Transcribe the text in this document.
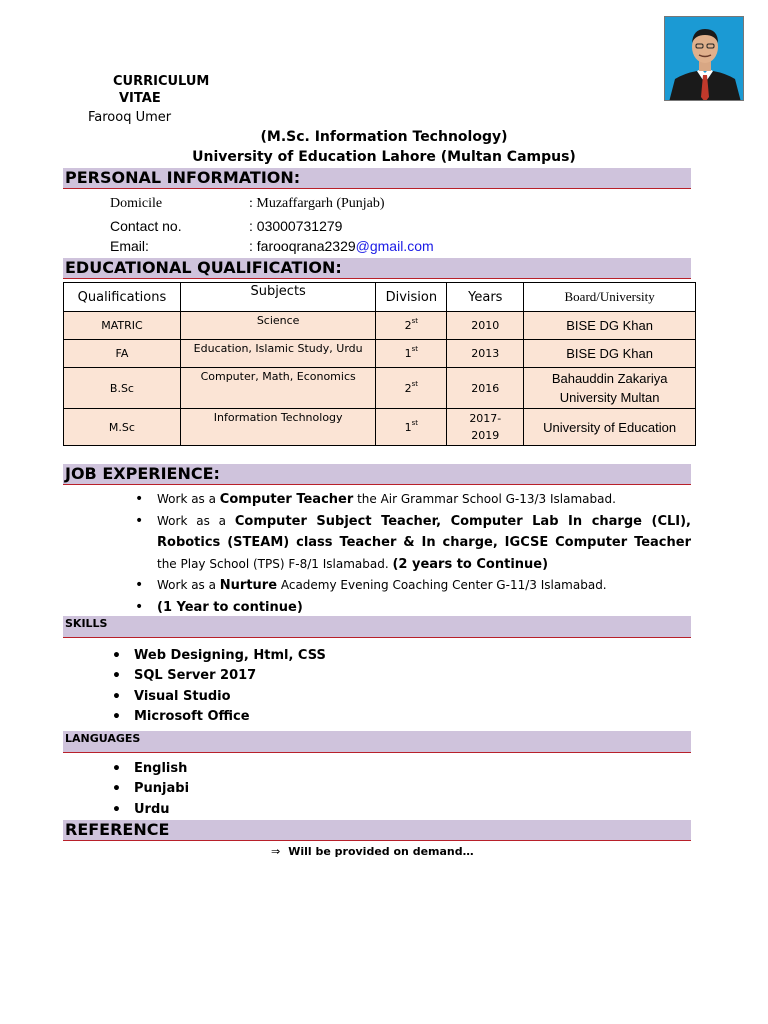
CURRICULUM
VITAE
Farooq Umer
(M.Sc. Information Technology)
University of Education Lahore (Multan Campus)
PERSONAL INFORMATION:
Domicile	: Muzaffargarh (Punjab)
Contact no.	: 03000731279
Email:	: farooqrana2329@gmail.com
EDUCATIONAL QUALIFICATION:
Qualifications	Subjects	Division	Years	Board/University
MATRIC	Science	2st	2010	BISE DG Khan
FA	Education, Islamic Study, Urdu	1st	2013	BISE DG Khan
B.Sc	Computer, Math, Economics	2st	2016	Bahauddin Zakariya University Multan
M.Sc	Information Technology	1st	2017-2019	University of Education
JOB EXPERIENCE:
• Work as a Computer Teacher the Air Grammar School G-13/3 Islamabad.
• Work as a Computer Subject Teacher, Computer Lab In charge (CLI), Robotics (STEAM) class Teacher & In charge, IGCSE Computer Teacher the Play School (TPS) F-8/1 Islamabad. (2 years to Continue)
• Work as a Nurture Academy Evening Coaching Center G-11/3 Islamabad.
• (1 Year to continue)
SKILLS
• Web Designing, Html, CSS
• SQL Server 2017
• Visual Studio
• Microsoft Office
LANGUAGES
• English
• Punjabi
• Urdu
REFERENCE
⇒ Will be provided on demand…
